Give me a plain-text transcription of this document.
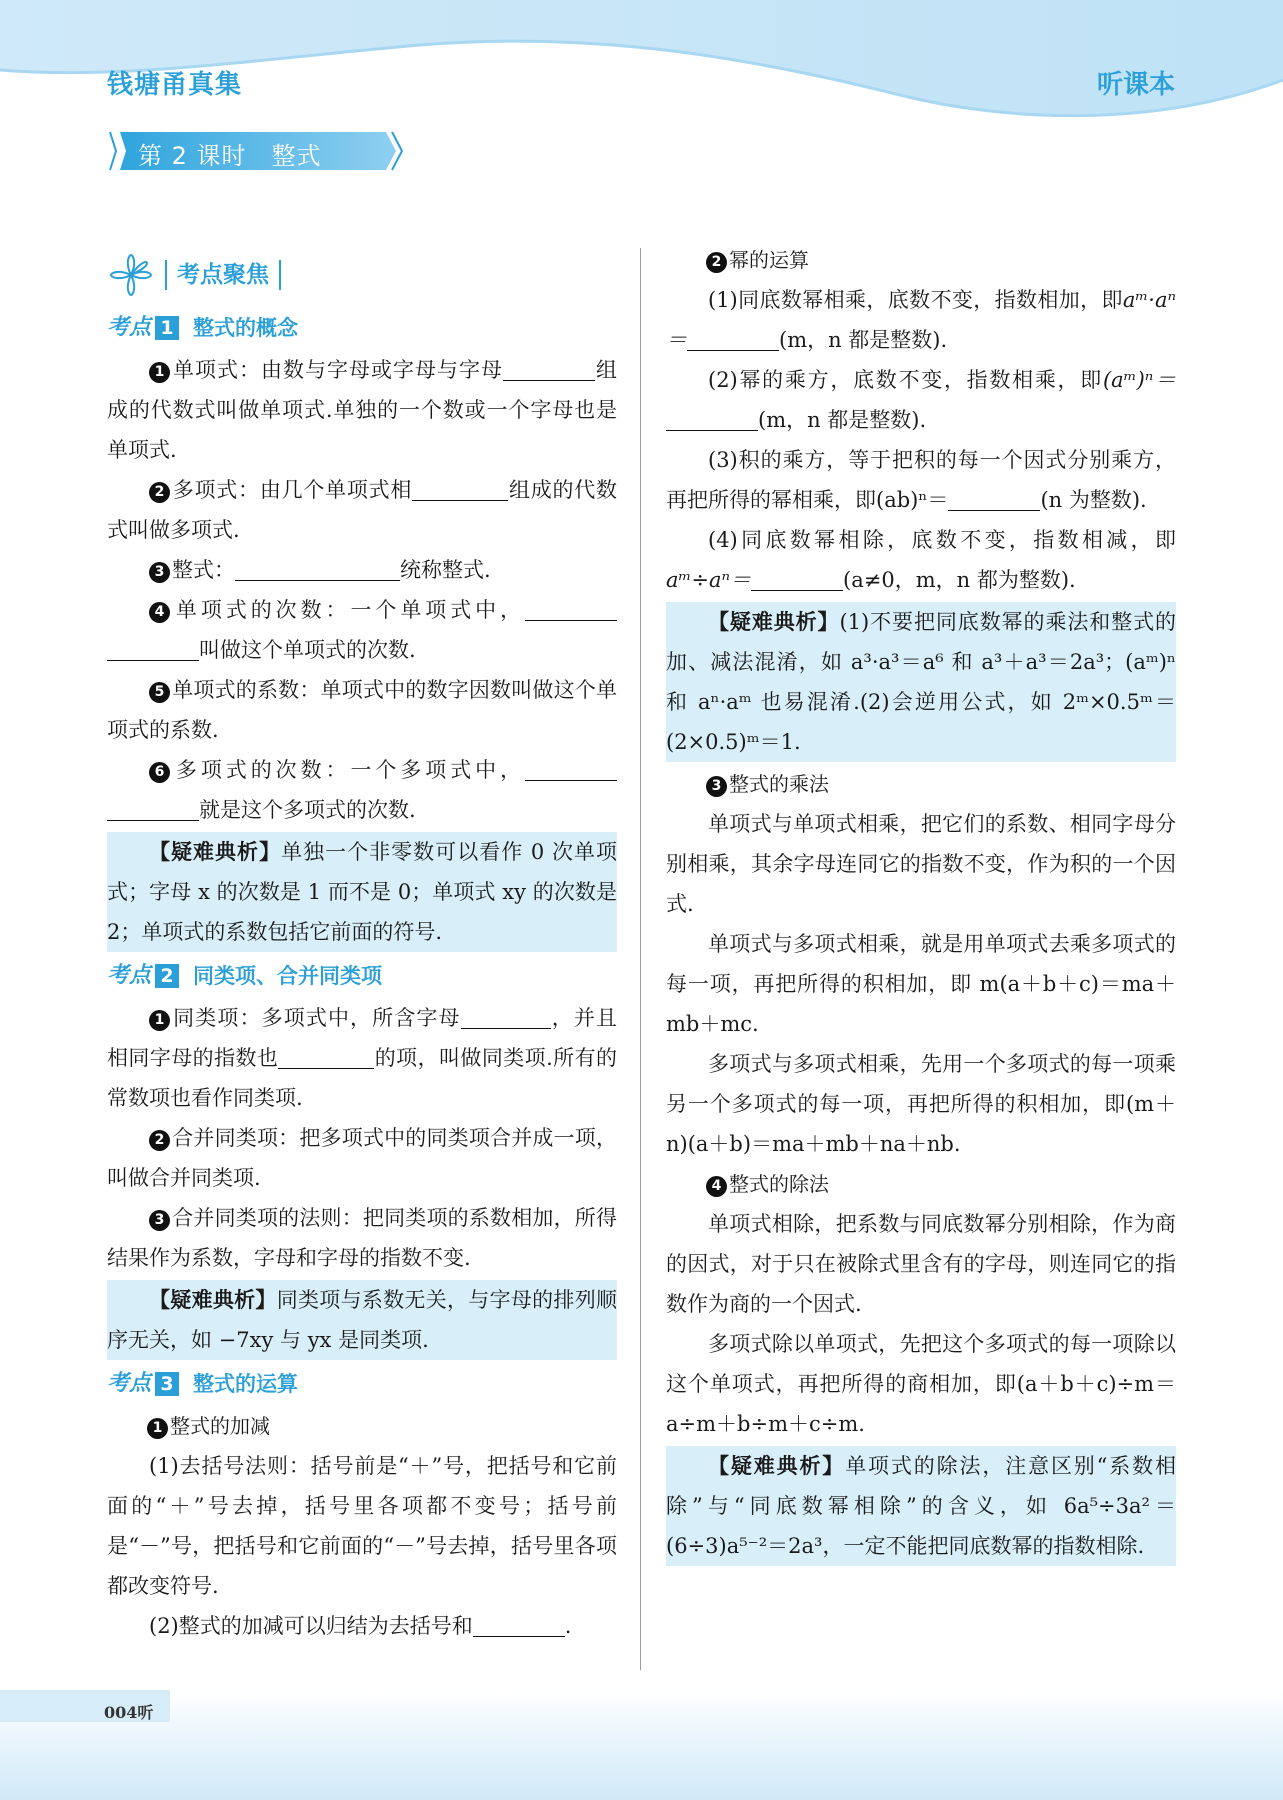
钱塘甬真集	听课本
第 2 课时　整式
考点聚焦
考点 1 整式的概念

1 单项式：由数与字母或字母与字母	组成的代数式叫做单项式.单独的一个数或一个字母也是单项式.

2 多项式：由几个单项式相	组成的代数式叫做多项式.

3 整式：	统称整式.

4 单项式的次数：一个单项式中，叫做这个单项式的次数.

5 单项式的系数：单项式中的数字因数叫做这个单项式的系数.

6 多项式的次数：一个多项式中，就是这个多项式的次数.

【疑难典析】单独一个非零数可以看作 0 次单项式；字母 x 的次数是 1 而不是 0；单项式 xy 的次数是 2；单项式的系数包括它前面的符号.

考点 2 同类项、合并同类项

1 同类项：多项式中，所含字母	，并且相同字母的指数也	的项，叫做同类项.所有的常数项也看作同类项.

2 合并同类项：把多项式中的同类项合并成一项，叫做合并同类项.

3 合并同类项的法则：把同类项的系数相加，所得结果作为系数，字母和字母的指数不变.

【疑难典析】同类项与系数无关，与字母的排列顺序无关，如 −7xy 与 yx 是同类项.

考点 3 整式的运算

1 整式的加减

(1)去括号法则：括号前是“＋”号，把括号和它前面的“＋”号去掉，括号里各项都不变号；括号前是“－”号，把括号和它前面的“－”号去掉，括号里各项都改变符号.

(2)整式的加减可以归结为去括号和	.

2 幂的运算

(1)同底数幂相乘，底数不变，指数相加，即aᵐ·aⁿ＝	(m，n 都是整数).

(2)幂的乘方，底数不变，指数相乘，即(aᵐ)ⁿ＝(m，n 都是整数).

(3)积的乘方，等于把积的每一个因式分别乘方，再把所得的幂相乘，即(ab)ⁿ＝	(n 为整数).

(4)同底数幂相除，底数不变，指数相减，即aᵐ÷aⁿ＝	(a≠0，m，n 都为整数).

【疑难典析】(1)不要把同底数幂的乘法和整式的加、减法混淆，如 a³·a³＝a⁶ 和 a³＋a³＝2a³；(aᵐ)ⁿ 和 aⁿ·aᵐ 也易混淆.(2)会逆用公式，如 2ᵐ×0.5ᵐ＝(2×0.5)ᵐ＝1.

3 整式的乘法

单项式与单项式相乘，把它们的系数、相同字母分别相乘，其余字母连同它的指数不变，作为积的一个因式.

单项式与多项式相乘，就是用单项式去乘多项式的每一项，再把所得的积相加，即 m(a＋b＋c)＝ma＋mb＋mc.

多项式与多项式相乘，先用一个多项式的每一项乘另一个多项式的每一项，再把所得的积相加，即(m＋n)(a＋b)＝ma＋mb＋na＋nb.

4 整式的除法

单项式相除，把系数与同底数幂分别相除，作为商的因式，对于只在被除式里含有的字母，则连同它的指数作为商的一个因式.

多项式除以单项式，先把这个多项式的每一项除以这个单项式，再把所得的商相加，即(a＋b＋c)÷m＝a÷m＋b÷m＋c÷m.

【疑难典析】单项式的除法，注意区别“系数相除”与“同底数幂相除”的含义，如 6a⁵÷3a²＝(6÷3)a⁵⁻²＝2a³，一定不能把同底数幂的指数相除.

004听
